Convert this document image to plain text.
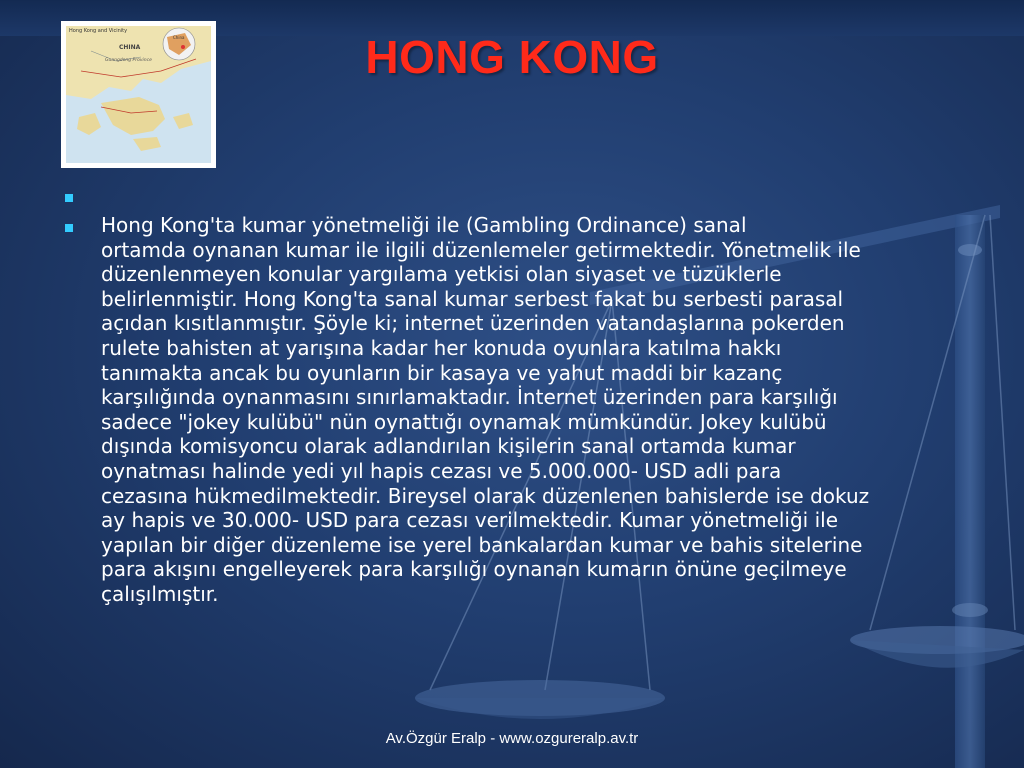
Hong Kong and Vicinity
CHINA
Guangdong Province
China	HONG KONG

Hong Kong'ta kumar yönetmeliği ile (Gambling Ordinance) sanal
ortamda oynanan kumar ile ilgili düzenlemeler getirmektedir. Yönetmelik ile
düzenlenmeyen konular yargılama yetkisi olan siyaset ve tüzüklerle
belirlenmiştir. Hong Kong'ta sanal kumar serbest fakat bu serbesti parasal
açıdan kısıtlanmıştır. Şöyle ki; internet üzerinden vatandaşlarına pokerden
rulete bahisten at yarışına kadar her konuda oyunlara katılma hakkı
tanımakta ancak bu oyunların bir kasaya ve yahut maddi bir kazanç
karşılığında oynanmasını sınırlamaktadır. İnternet üzerinden para karşılığı
sadece "jokey kulübü" nün oynattığı oynamak mümkündür. Jokey kulübü
dışında komisyoncu olarak adlandırılan kişilerin sanal ortamda kumar
oynatması halinde yedi yıl hapis cezası ve 5.000.000- USD adli para
cezasına hükmedilmektedir. Bireysel olarak düzenlenen bahislerde ise dokuz
ay hapis ve 30.000- USD para cezası verilmektedir. Kumar yönetmeliği ile
yapılan bir diğer düzenleme ise yerel bankalardan kumar ve bahis sitelerine
para akışını engelleyerek para karşılığı oynanan kumarın önüne geçilmeye
çalışılmıştır.

Av.Özgür Eralp - www.ozgureralp.av.tr
